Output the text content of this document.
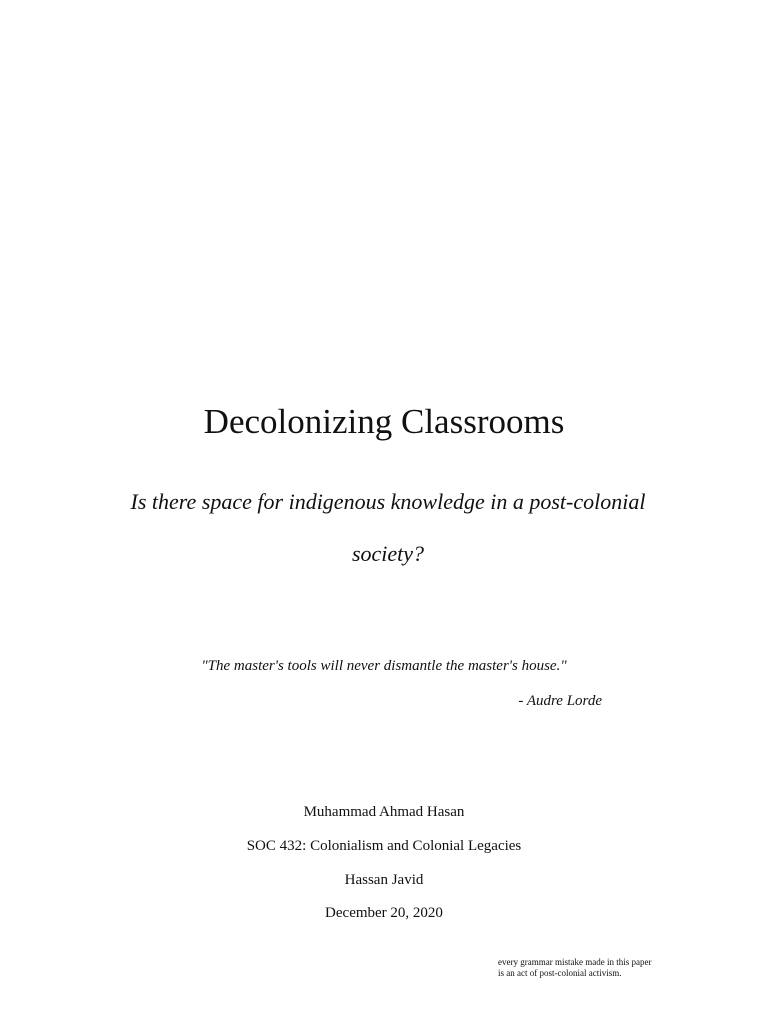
Decolonizing Classrooms

Is there space for indigenous knowledge in a post-colonial society?

"The master's tools will never dismantle the master's house."
- Audre Lorde
Muhammad Ahmad Hasan
SOC 432: Colonialism and Colonial Legacies
Hassan Javid
December 20, 2020
every grammar mistake made in this paper
is an act of post-colonial activism.
